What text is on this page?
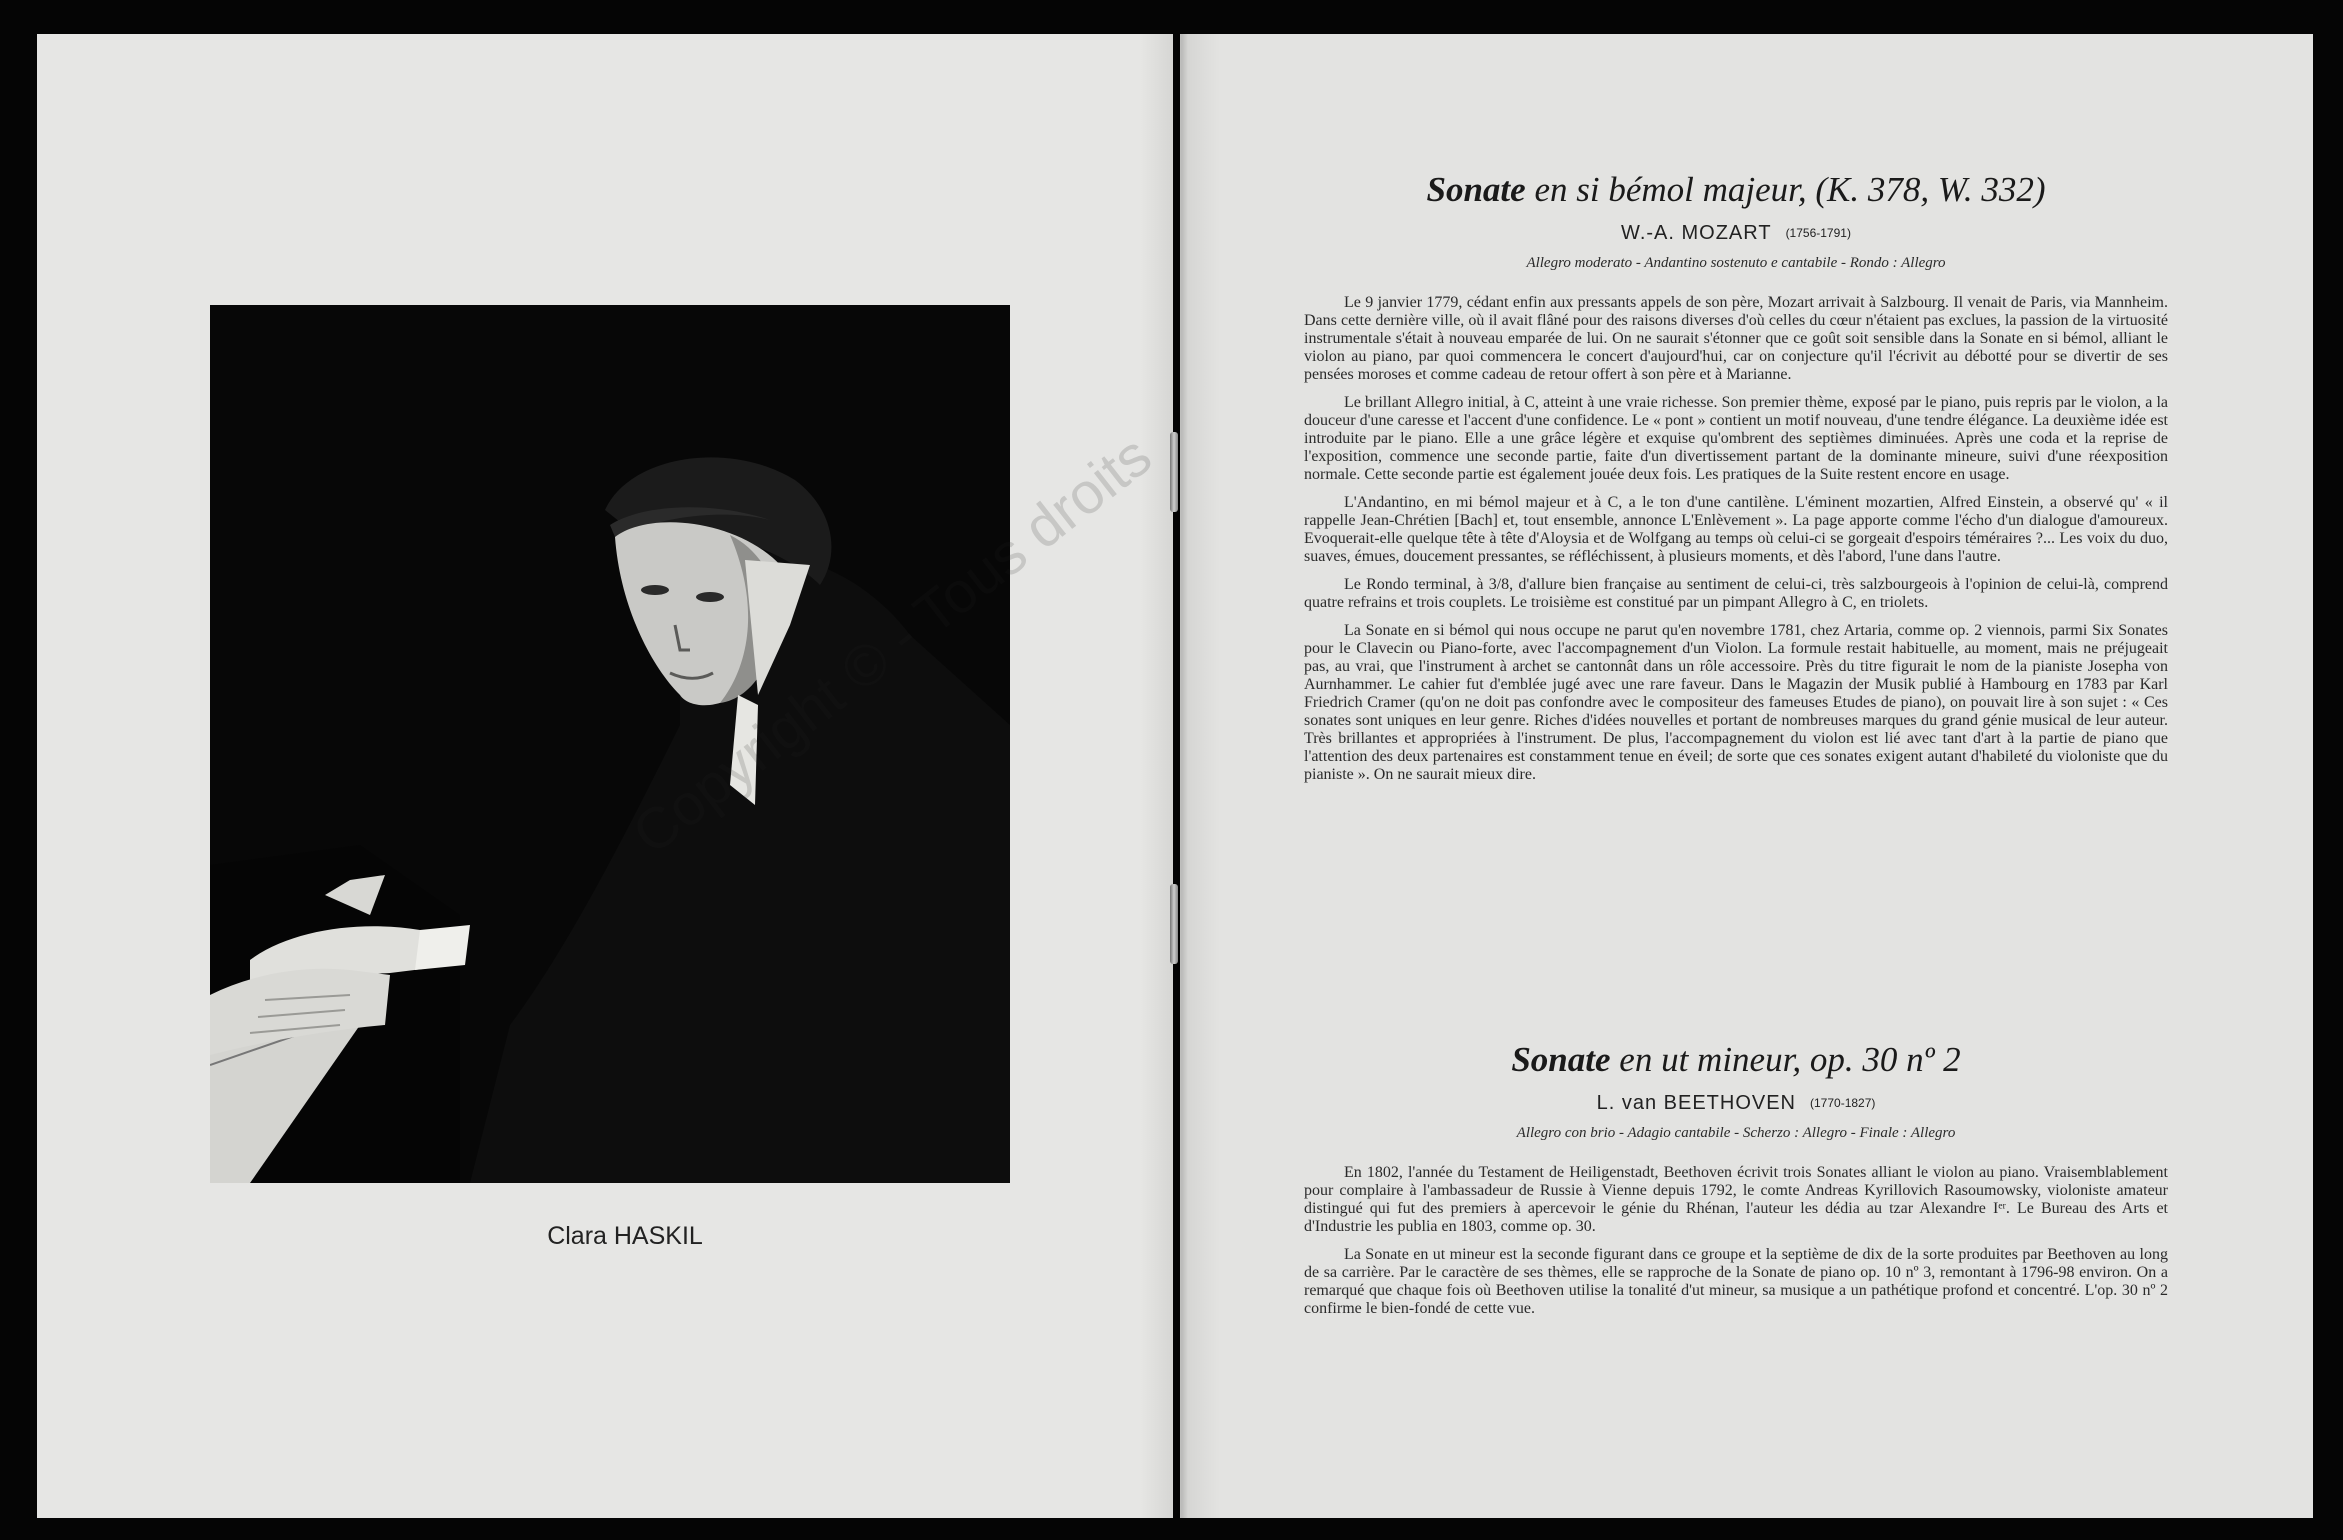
Clara HASKIL
Sonate en si bémol majeur, (K. 378, W. 332)
W.-A. MOZART (1756-1791)
Allegro moderato - Andantino sostenuto e cantabile - Rondo : Allegro

Le 9 janvier 1779, cédant enfin aux pressants appels de son père, Mozart arrivait à Salzbourg. Il venait de Paris, via Mannheim. Dans cette dernière ville, où il avait flâné pour des raisons diverses d'où celles du cœur n'étaient pas exclues, la passion de la virtuosité instrumentale s'était à nouveau emparée de lui. On ne saurait s'étonner que ce goût soit sensible dans la Sonate en si bémol, alliant le violon au piano, par quoi commencera le concert d'aujourd'hui, car on conjecture qu'il l'écrivit au débotté pour se divertir de ses pensées moroses et comme cadeau de retour offert à son père et à Marianne.

Le brillant Allegro initial, à C, atteint à une vraie richesse. Son premier thème, exposé par le piano, puis repris par le violon, a la douceur d'une caresse et l'accent d'une confidence. Le « pont » contient un motif nouveau, d'une tendre élégance. La deuxième idée est introduite par le piano. Elle a une grâce légère et exquise qu'ombrent des septièmes diminuées. Après une coda et la reprise de l'exposition, commence une seconde partie, faite d'un divertissement partant de la dominante mineure, suivi d'une réexposition normale. Cette seconde partie est également jouée deux fois. Les pratiques de la Suite restent encore en usage.

L'Andantino, en mi bémol majeur et à C, a le ton d'une cantilène. L'éminent mozartien, Alfred Einstein, a observé qu' « il rappelle Jean-Chrétien [Bach] et, tout ensemble, annonce L'Enlèvement ». La page apporte comme l'écho d'un dialogue d'amoureux. Evoquerait-elle quelque tête à tête d'Aloysia et de Wolfgang au temps où celui-ci se gorgeait d'espoirs téméraires ?... Les voix du duo, suaves, émues, doucement pressantes, se réfléchissent, à plusieurs moments, et dès l'abord, l'une dans l'autre.

Le Rondo terminal, à 3/8, d'allure bien française au sentiment de celui-ci, très salzbourgeois à l'opinion de celui-là, comprend quatre refrains et trois couplets. Le troisième est constitué par un pimpant Allegro à C, en triolets.

La Sonate en si bémol qui nous occupe ne parut qu'en novembre 1781, chez Artaria, comme op. 2 viennois, parmi Six Sonates pour le Clavecin ou Piano-forte, avec l'accompagnement d'un Violon. La formule restait habituelle, au moment, mais ne préjugeait pas, au vrai, que l'instrument à archet se cantonnât dans un rôle accessoire. Près du titre figurait le nom de la pianiste Josepha von Aurnhammer. Le cahier fut d'emblée jugé avec une rare faveur. Dans le Magazin der Musik publié à Hambourg en 1783 par Karl Friedrich Cramer (qu'on ne doit pas confondre avec le compositeur des fameuses Etudes de piano), on pouvait lire à son sujet : « Ces sonates sont uniques en leur genre. Riches d'idées nouvelles et portant de nombreuses marques du grand génie musical de leur auteur. Très brillantes et appropriées à l'instrument. De plus, l'accompagnement du violon est lié avec tant d'art à la partie de piano que l'attention des deux partenaires est constamment tenue en éveil; de sorte que ces sonates exigent autant d'habileté du violoniste que du pianiste ». On ne saurait mieux dire.

Sonate en ut mineur, op. 30 nº 2
L. van BEETHOVEN (1770-1827)
Allegro con brio - Adagio cantabile - Scherzo : Allegro - Finale : Allegro

En 1802, l'année du Testament de Heiligenstadt, Beethoven écrivit trois Sonates alliant le violon au piano. Vraisemblablement pour complaire à l'ambassadeur de Russie à Vienne depuis 1792, le comte Andreas Kyrillovich Rasoumowsky, violoniste amateur distingué qui fut des premiers à apercevoir le génie du Rhénan, l'auteur les dédia au tzar Alexandre Iᵉʳ. Le Bureau des Arts et d'Industrie les publia en 1803, comme op. 30.

La Sonate en ut mineur est la seconde figurant dans ce groupe et la septième de dix de la sorte produites par Beethoven au long de sa carrière. Par le caractère de ses thèmes, elle se rapproche de la Sonate de piano op. 10 nº 3, remontant à 1796-98 environ. On a remarqué que chaque fois où Beethoven utilise la tonalité d'ut mineur, sa musique a un pathétique profond et concentré. L'op. 30 nº 2 confirme le bien-fondé de cette vue.
